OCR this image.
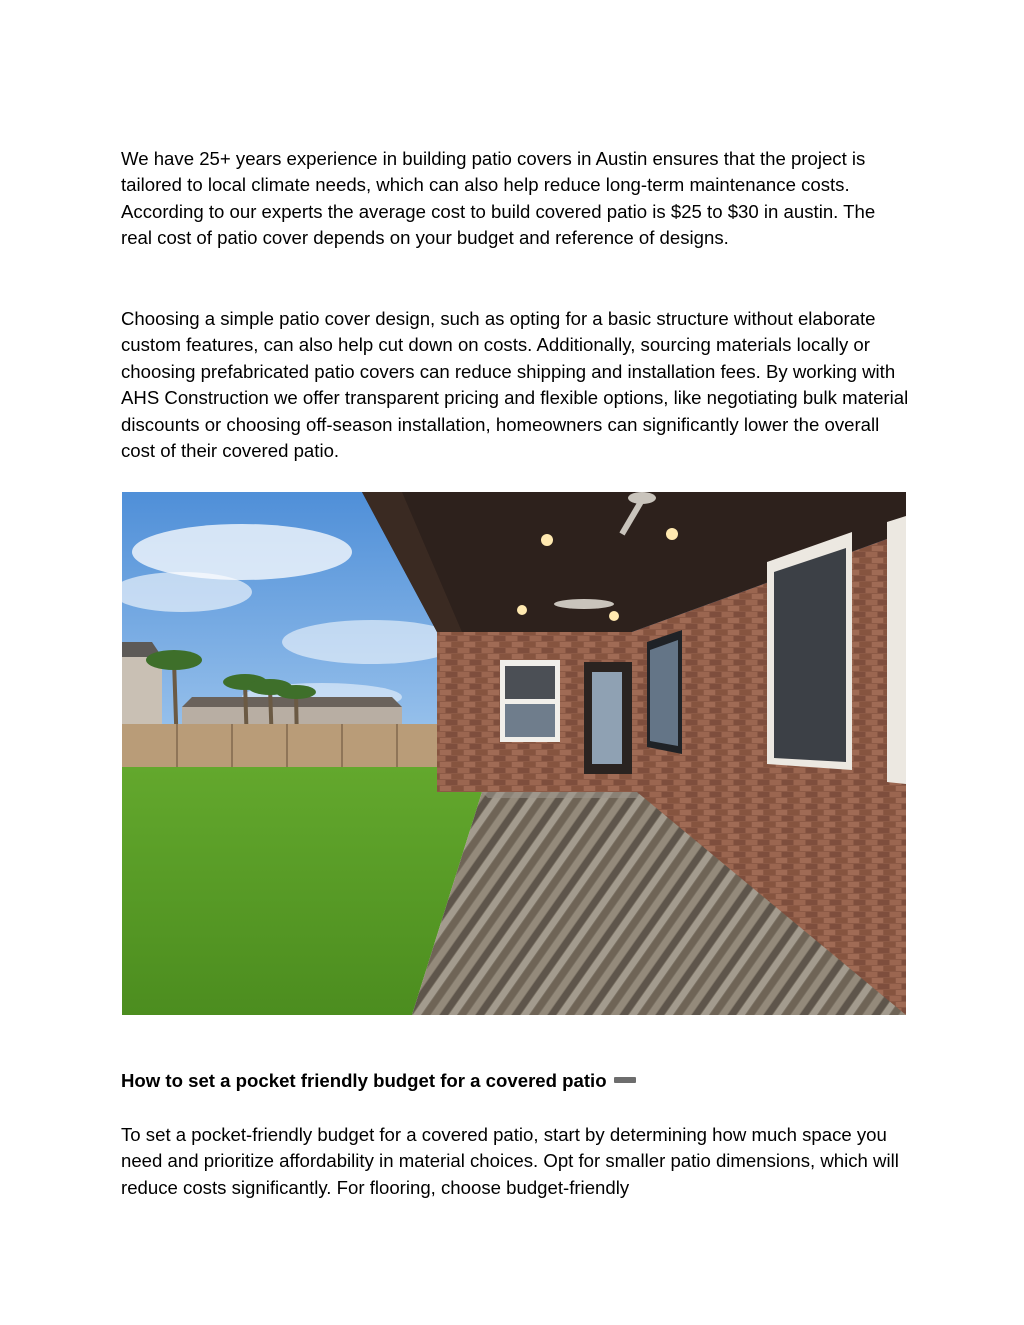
We have 25+ years experience in building patio covers in Austin ensures that the project is tailored to local climate needs, which can also help reduce long-term maintenance costs. According to our experts the average cost to build covered patio is $25 to $30 in austin. The real cost of patio cover depends on your budget and reference of designs.

Choosing a simple patio cover design, such as opting for a basic structure without elaborate custom features, can also help cut down on costs. Additionally, sourcing materials locally or choosing prefabricated patio covers can reduce shipping and installation fees. By working with AHS Construction we offer transparent pricing and flexible options, like negotiating bulk material discounts or choosing off-season installation, homeowners can significantly lower the overall cost of their covered patio.

How to set a pocket friendly budget for a covered patio

To set a pocket-friendly budget for a covered patio, start by determining how much space you need and prioritize affordability in material choices. Opt for smaller patio dimensions, which will reduce costs significantly. For flooring, choose budget-friendly
